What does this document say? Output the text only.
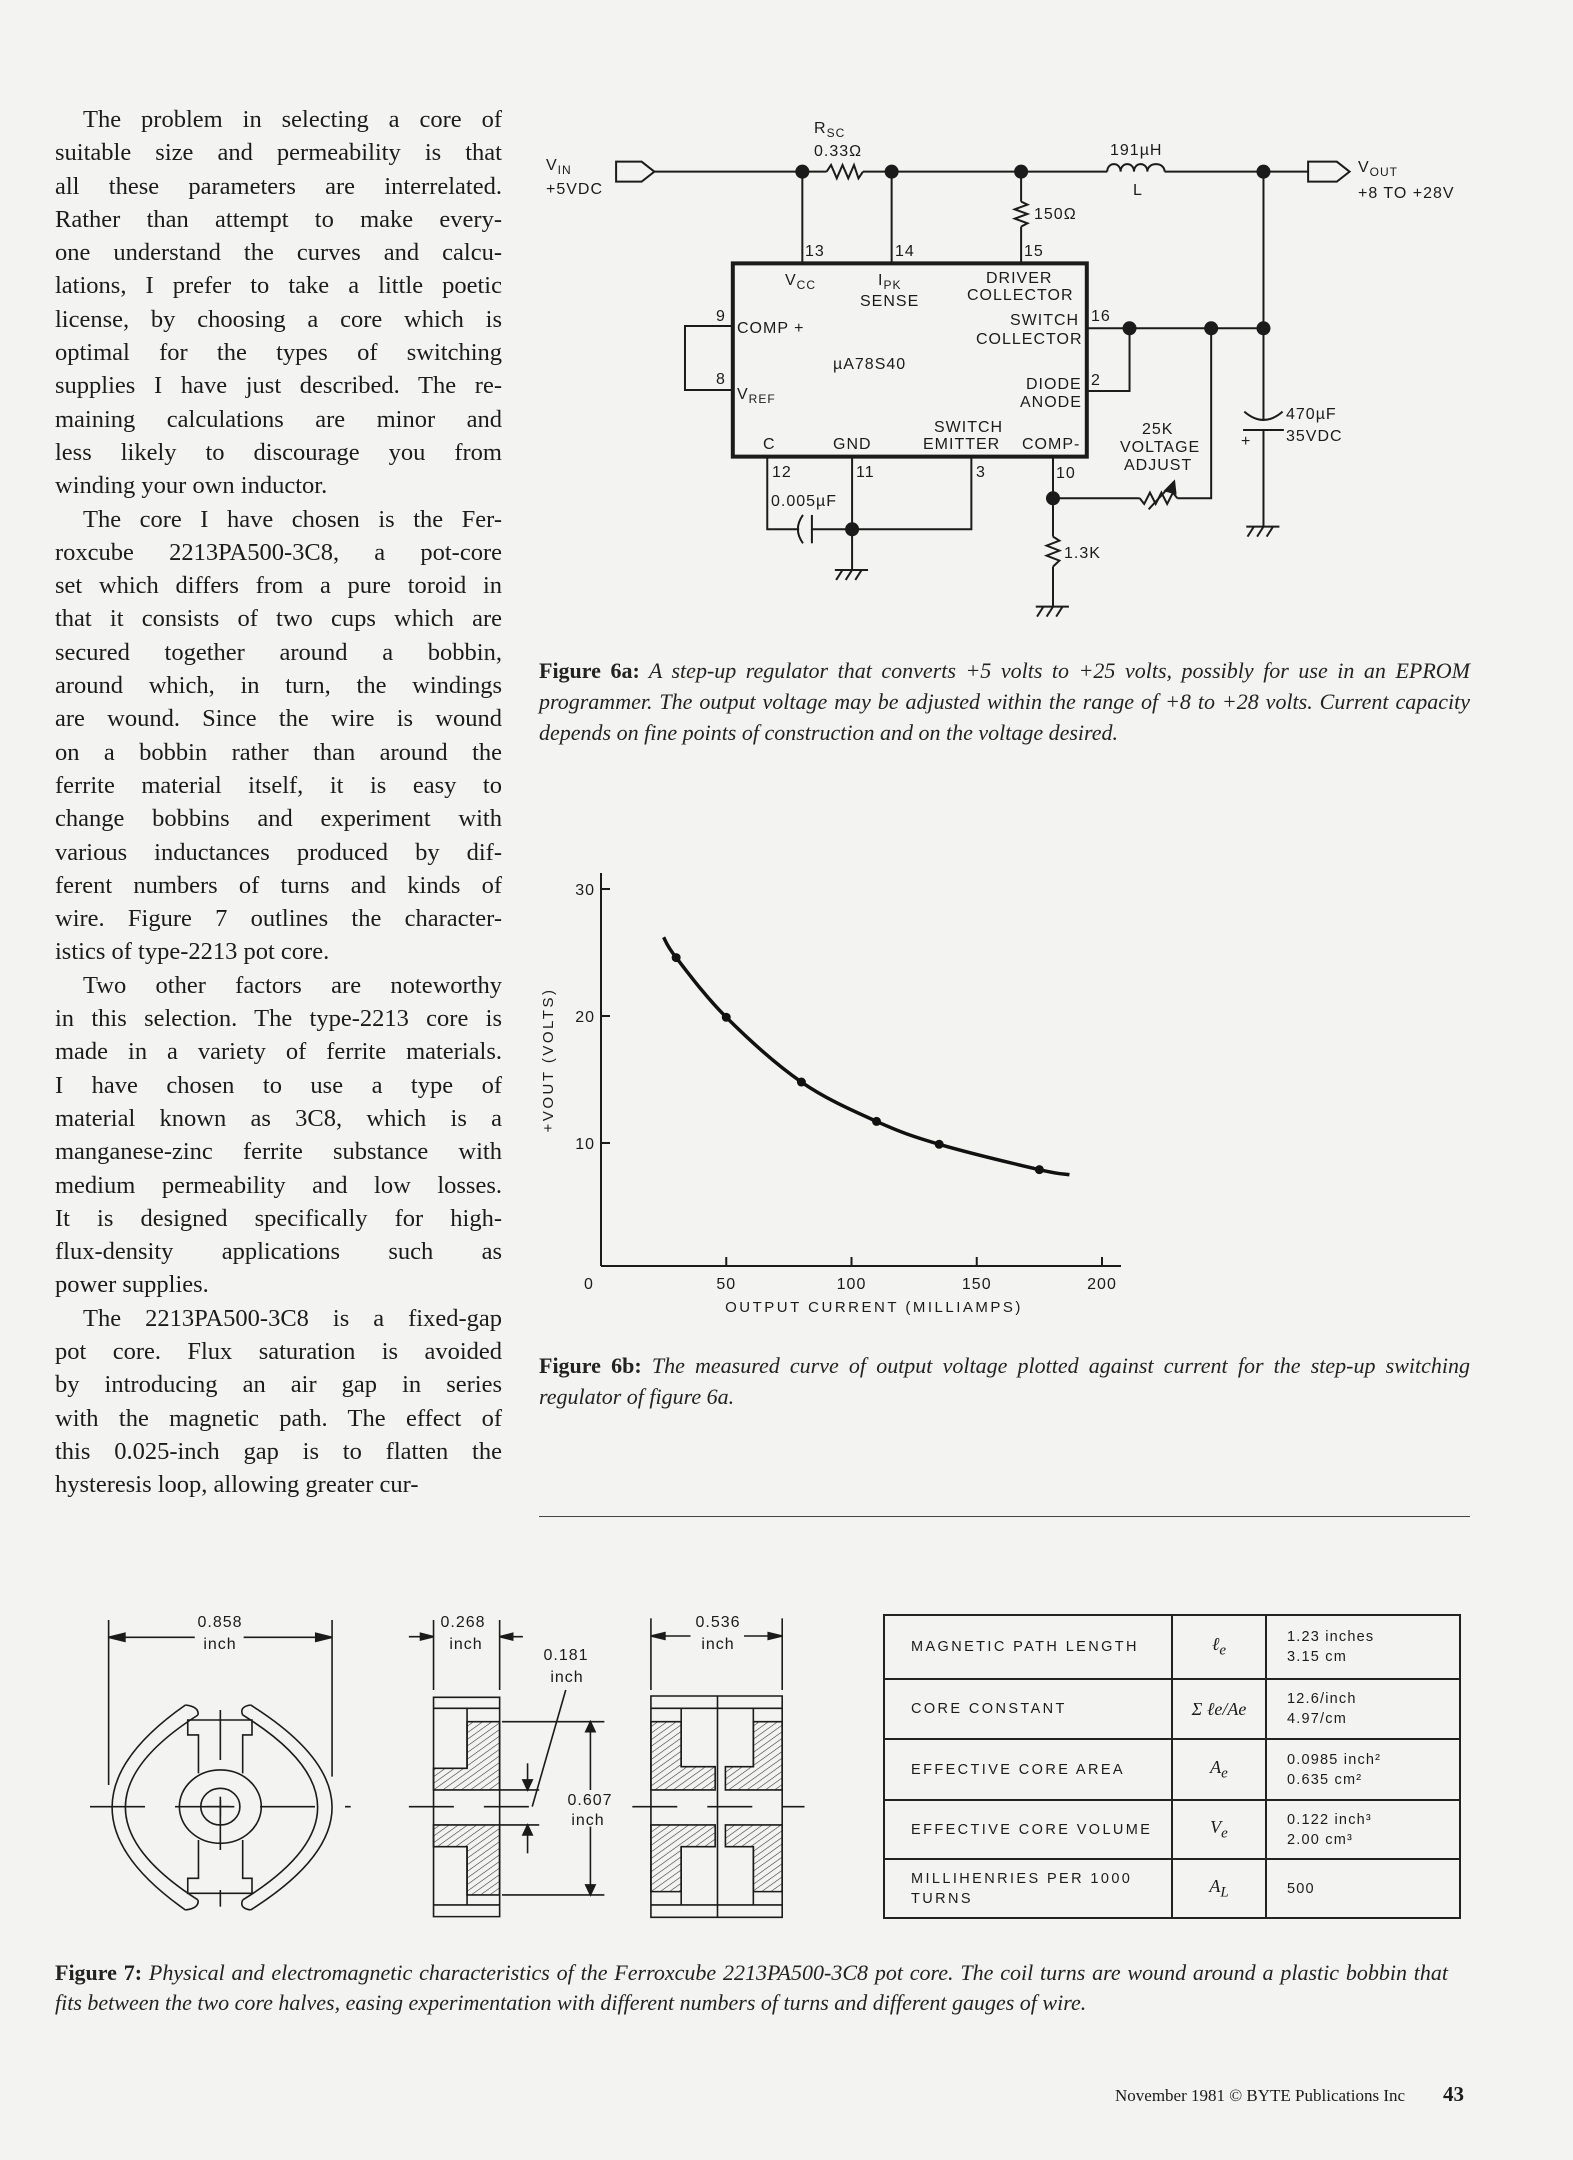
The problem in selecting a core of
suitable size and permeability is that
all these parameters are interrelated.
Rather than attempt to make every-
one understand the curves and calcu-
lations, I prefer to take a little poetic
license, by choosing a core which is
optimal for the types of switching
supplies I have just described. The re-
maining calculations are minor and
less likely to discourage you from
winding your own inductor.
The core I have chosen is the Fer-
roxcube 2213PA500-3C8, a pot-core
set which differs from a pure toroid in
that it consists of two cups which are
secured together around a bobbin,
around which, in turn, the windings
are wound. Since the wire is wound
on a bobbin rather than around the
ferrite material itself, it is easy to
change bobbins and experiment with
various inductances produced by dif-
ferent numbers of turns and kinds of
wire. Figure 7 outlines the character-
istics of type-2213 pot core.
Two other factors are noteworthy
in this selection. The type-2213 core is
made in a variety of ferrite materials.
I have chosen to use a type of
material known as 3C8, which is a
manganese-zinc ferrite substance with
medium permeability and low losses.
It is designed specifically for high-
flux-density applications such as
power supplies.
The 2213PA500-3C8 is a fixed-gap
pot core. Flux saturation is avoided
by introducing an air gap in series
with the magnetic path. The effect of
this 0.025-inch gap is to flatten the
hysteresis loop, allowing greater cur-
$R_{SC}$
0.33Ω
$V_{IN}$
+5VDC
191µH
L
$V_{OUT}$
+8 TO +28V
150Ω
13	14	15
$V_{CC}$	$I_{PK}$
SENSE
DRIVER
COLLECTOR
9
COMP +	SWITCH 16
COLLECTOR
µA78S40
8
$V_{REF}$
DIODE 2
ANODE
SWITCH
EMITTER
C	GND	COMP-
12	11	3	10
0.005µF
1.3K
25K
VOLTAGE
ADJUST
470µF
35VDC
+
Figure 6a: A step-up regulator that converts +5 volts to +25 volts, possibly for use in an EPROM programmer. The output voltage may be adjusted within the range of +8 to +28 volts. Current capacity depends on fine points of construction and on the voltage desired.
10
20
30
0	50	100	150	200
OUTPUT CURRENT (MILLIAMPS)
+VOUT (VOLTS)
Figure 6b: The measured curve of output voltage plotted against current for the step-up switching regulator of figure 6a.
0.858
inch
0.268
inch
0.181
inch
0.607
inch
0.536
inch	MAGNETIC PATH LENGTH	ℓ$_e$	1.23 inches
3.15 cm

CORE CONSTANT	Σ ℓe/Ae	12.6/inch
4.97/cm

EFFECTIVE CORE AREA	$A_e$	0.0985 inch²
0.635 cm²

EFFECTIVE CORE VOLUME	$V_e$	0.122 inch³
2.00 cm³

MILLIHENRIES PER 1000 TURNS	$A_L$	500
Figure 7: Physical and electromagnetic characteristics of the Ferroxcube 2213PA500-3C8 pot core. The coil turns are wound around a plastic bobbin that fits between the two core halves, easing experimentation with different numbers of turns and different gauges of wire.
November 1981 © BYTE Publications Inc 43
